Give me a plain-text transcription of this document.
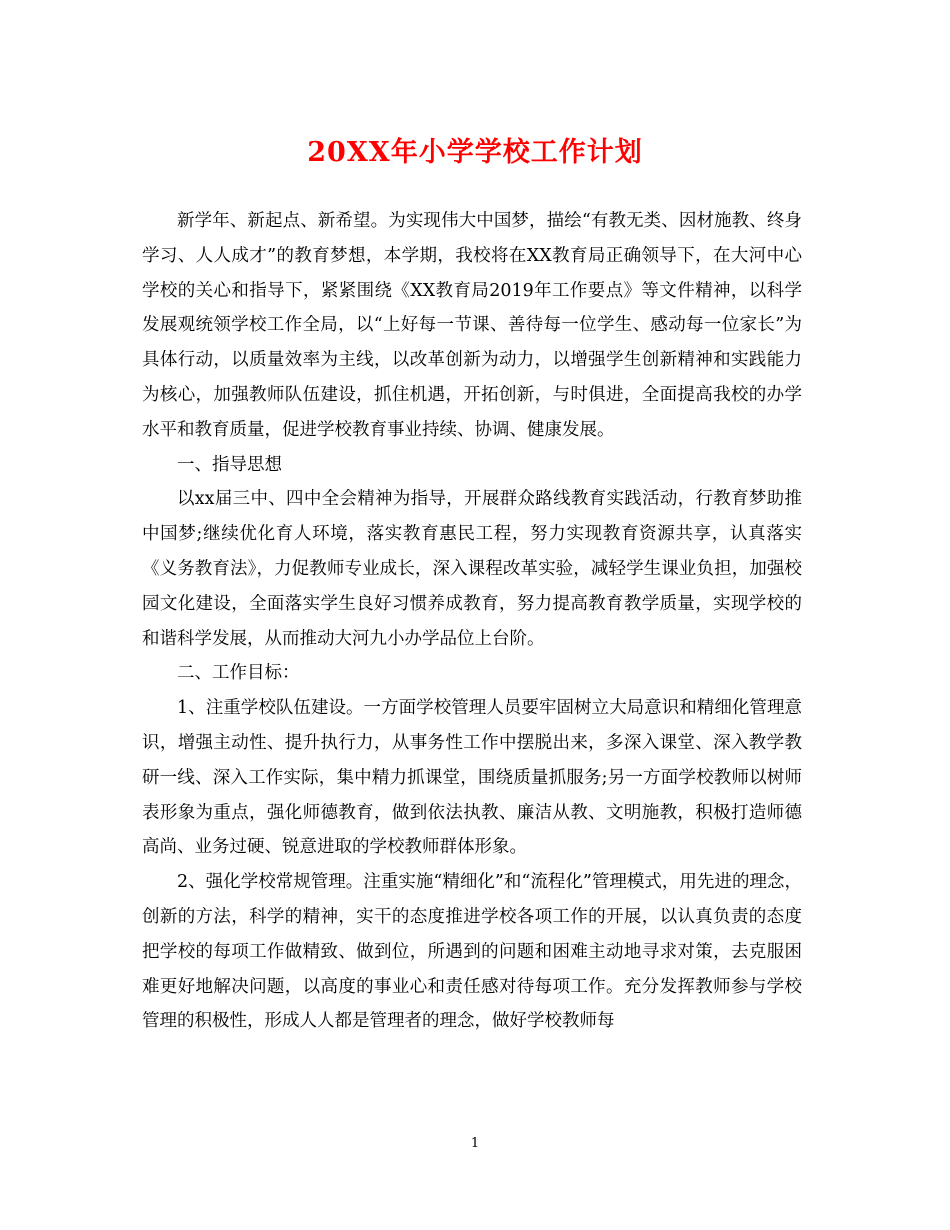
20XX年小学学校工作计划

新学年、新起点、新希望。为实现伟大中国梦，描绘“有教无类、因材施教、终身学习、人人成才”的教育梦想，本学期，我校将在XX教育局正确领导下，在大河中心学校的关心和指导下，紧紧围绕《XX教育局2019年工作要点》等文件精神，以科学发展观统领学校工作全局，以“上好每一节课、善待每一位学生、感动每一位家长”为具体行动，以质量效率为主线，以改革创新为动力，以增强学生创新精神和实践能力为核心，加强教师队伍建设，抓住机遇，开拓创新，与时俱进，全面提高我校的办学水平和教育质量，促进学校教育事业持续、协调、健康发展。

一、指导思想

以xx届三中、四中全会精神为指导，开展群众路线教育实践活动，行教育梦助推中国梦;继续优化育人环境，落实教育惠民工程，努力实现教育资源共享，认真落实《义务教育法》，力促教师专业成长，深入课程改革实验，减轻学生课业负担，加强校园文化建设，全面落实学生良好习惯养成教育，努力提高教育教学质量，实现学校的和谐科学发展，从而推动大河九小办学品位上台阶。

二、工作目标：

1、注重学校队伍建设。一方面学校管理人员要牢固树立大局意识和精细化管理意识，增强主动性、提升执行力，从事务性工作中摆脱出来，多深入课堂、深入教学教研一线、深入工作实际，集中精力抓课堂，围绕质量抓服务;另一方面学校教师以树师表形象为重点，强化师德教育，做到依法执教、廉洁从教、文明施教，积极打造师德高尚、业务过硬、锐意进取的学校教师群体形象。

2、强化学校常规管理。注重实施“精细化”和“流程化”管理模式，用先进的理念，创新的方法，科学的精神，实干的态度推进学校各项工作的开展，以认真负责的态度把学校的每项工作做精致、做到位，所遇到的问题和困难主动地寻求对策，去克服困难更好地解决问题，以高度的事业心和责任感对待每项工作。充分发挥教师参与学校管理的积极性，形成人人都是管理者的理念，做好学校教师每

1
